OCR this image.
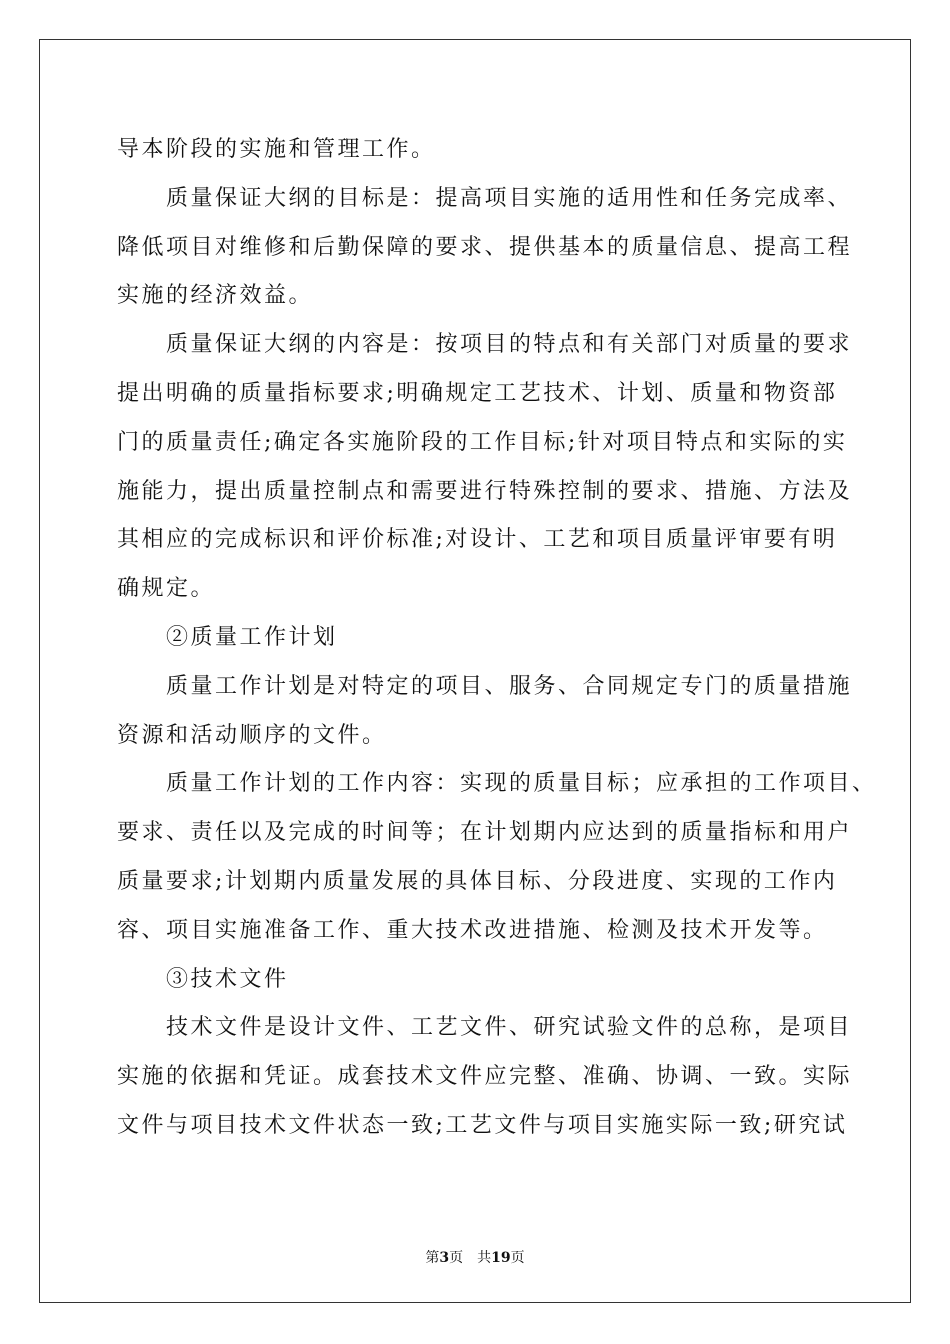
导本阶段的实施和管理工作。
质量保证大纲的目标是：提高项目实施的适用性和任务完成率、
降低项目对维修和后勤保障的要求、提供基本的质量信息、提高工程
实施的经济效益。
质量保证大纲的内容是：按项目的特点和有关部门对质量的要求
提出明确的质量指标要求;明确规定工艺技术、计划、质量和物资部
门的质量责任;确定各实施阶段的工作目标;针对项目特点和实际的实
施能力，提出质量控制点和需要进行特殊控制的要求、措施、方法及
其相应的完成标识和评价标准;对设计、工艺和项目质量评审要有明
确规定。
②质量工作计划
质量工作计划是对特定的项目、服务、合同规定专门的质量措施
资源和活动顺序的文件。
质量工作计划的工作内容：实现的质量目标；应承担的工作项目、
要求、责任以及完成的时间等；在计划期内应达到的质量指标和用户
质量要求;计划期内质量发展的具体目标、分段进度、实现的工作内
容、项目实施准备工作、重大技术改进措施、检测及技术开发等。
③技术文件
技术文件是设计文件、工艺文件、研究试验文件的总称，是项目
实施的依据和凭证。成套技术文件应完整、准确、协调、一致。实际
文件与项目技术文件状态一致;工艺文件与项目实施实际一致;研究试
第3页 共19页
